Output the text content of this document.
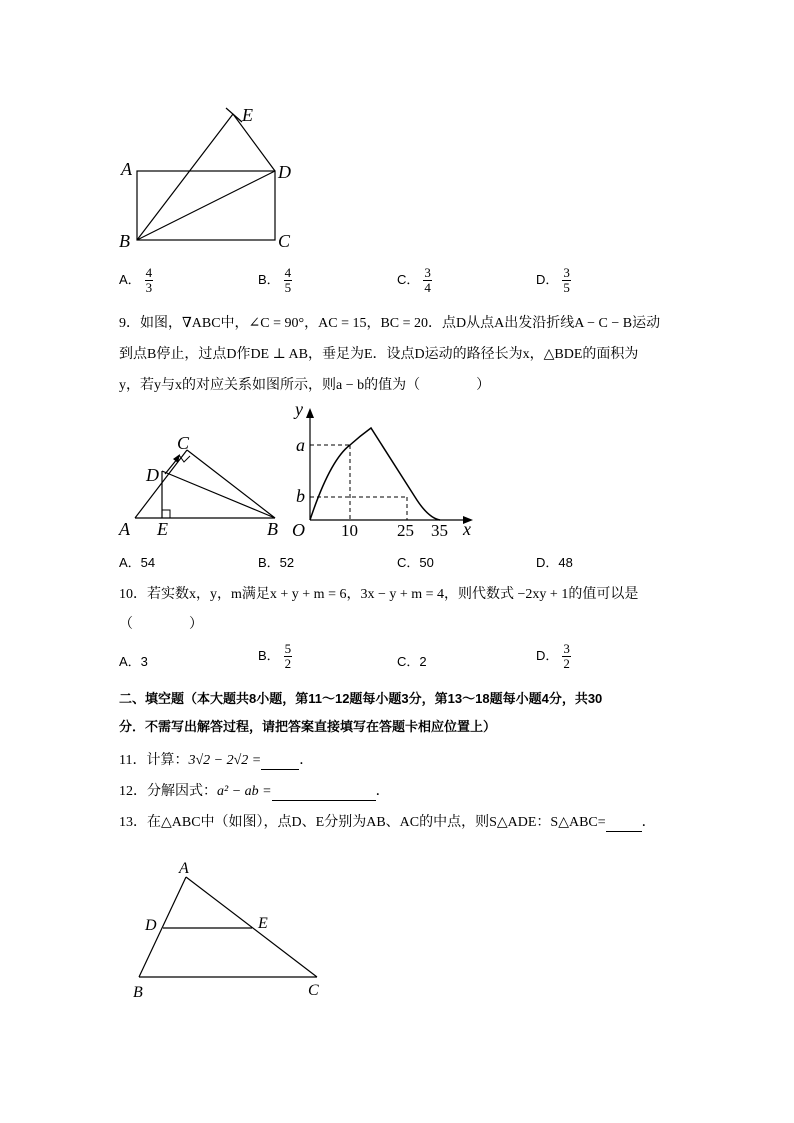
A
B	C
D
E
A． $\frac{4}{3}$	B． $\frac{4}{5}$	C． $\frac{3}{4}$	D． $\frac{3}{5}$
9．如图，∇ABC中，∠C = 90°，AC = 15，BC = 20．点D从点A出发沿折线A − C − B运动
到点B停止，过点D作DE ⊥ AB，垂足为E．设点D运动的路径长为x，△BDE的面积为
y，若y与x的对应关系如图所示，则a − b的值为（　　　　）
A E	B
C
D
y
x
a
b
O 10 25 35
A．54	B．52	C．50	D．48
10．若实数x，y，m满足x + y + m = 6，3x − y + m = 4，则代数式 −2xy + 1的值可以是
（　　　　）
A．3	B． $\frac{5}{2}$	C．2	D． $\frac{3}{2}$
二、填空题（本大题共8小题，第11～12题每小题3分，第13～18题每小题4分，共30
分．不需写出解答过程，请把答案直接填写在答题卡相应位置上）
11．计算：3√2 − 2√2 =	．
12．分解因式：a² − ab =	．
13．在△ABC中（如图），点D、E分别为AB、AC的中点，则S△ADE：S△ABC=	．
A
D	E
B	C
